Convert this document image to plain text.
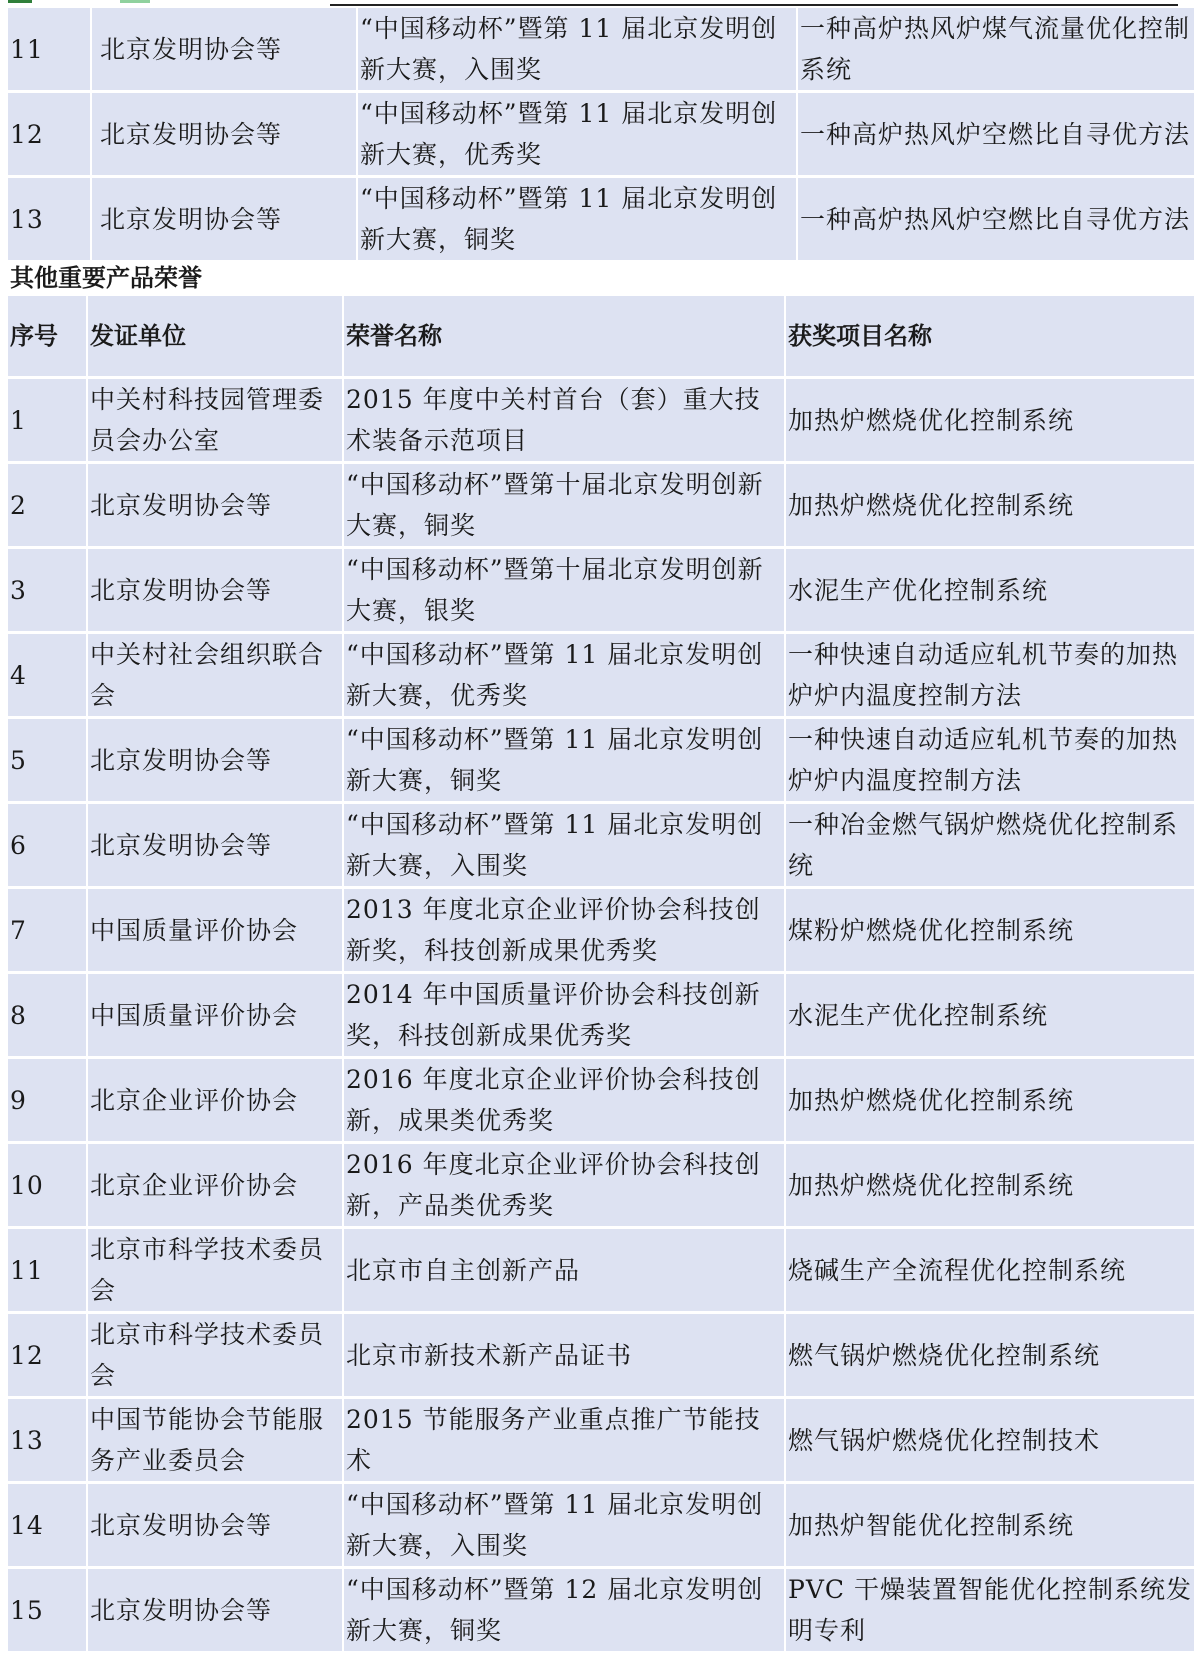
11	北京发明协会等	“中国移动杯”暨第 11 届北京发明创新大赛，入围奖	一种高炉热风炉煤气流量优化控制系统
12	北京发明协会等	“中国移动杯”暨第 11 届北京发明创新大赛，优秀奖	一种高炉热风炉空燃比自寻优方法
13	北京发明协会等	“中国移动杯”暨第 11 届北京发明创新大赛，铜奖	一种高炉热风炉空燃比自寻优方法
其他重要产品荣誉
序号	发证单位	荣誉名称	获奖项目名称
1	中关村科技园管理委员会办公室	2015 年度中关村首台（套）重大技术装备示范项目	加热炉燃烧优化控制系统
2	北京发明协会等	“中国移动杯”暨第十届北京发明创新大赛，铜奖	加热炉燃烧优化控制系统
3	北京发明协会等	“中国移动杯”暨第十届北京发明创新大赛，银奖	水泥生产优化控制系统
4	中关村社会组织联合会	“中国移动杯”暨第 11 届北京发明创新大赛，优秀奖	一种快速自动适应轧机节奏的加热炉炉内温度控制方法
5	北京发明协会等	“中国移动杯”暨第 11 届北京发明创新大赛，铜奖	一种快速自动适应轧机节奏的加热炉炉内温度控制方法
6	北京发明协会等	“中国移动杯”暨第 11 届北京发明创新大赛，入围奖	一种冶金燃气锅炉燃烧优化控制系统
7	中国质量评价协会	2013 年度北京企业评价协会科技创新奖，科技创新成果优秀奖	煤粉炉燃烧优化控制系统
8	中国质量评价协会	2014 年中国质量评价协会科技创新奖，科技创新成果优秀奖	水泥生产优化控制系统
9	北京企业评价协会	2016 年度北京企业评价协会科技创新，成果类优秀奖	加热炉燃烧优化控制系统
10	北京企业评价协会	2016 年度北京企业评价协会科技创新，产品类优秀奖	加热炉燃烧优化控制系统
11	北京市科学技术委员会	北京市自主创新产品	烧碱生产全流程优化控制系统
12	北京市科学技术委员会	北京市新技术新产品证书	燃气锅炉燃烧优化控制系统
13	中国节能协会节能服务产业委员会	2015 节能服务产业重点推广节能技术	燃气锅炉燃烧优化控制技术
14	北京发明协会等	“中国移动杯”暨第 11 届北京发明创新大赛，入围奖	加热炉智能优化控制系统
15	北京发明协会等	“中国移动杯”暨第 12 届北京发明创新大赛，铜奖	PVC 干燥装置智能优化控制系统发明专利
